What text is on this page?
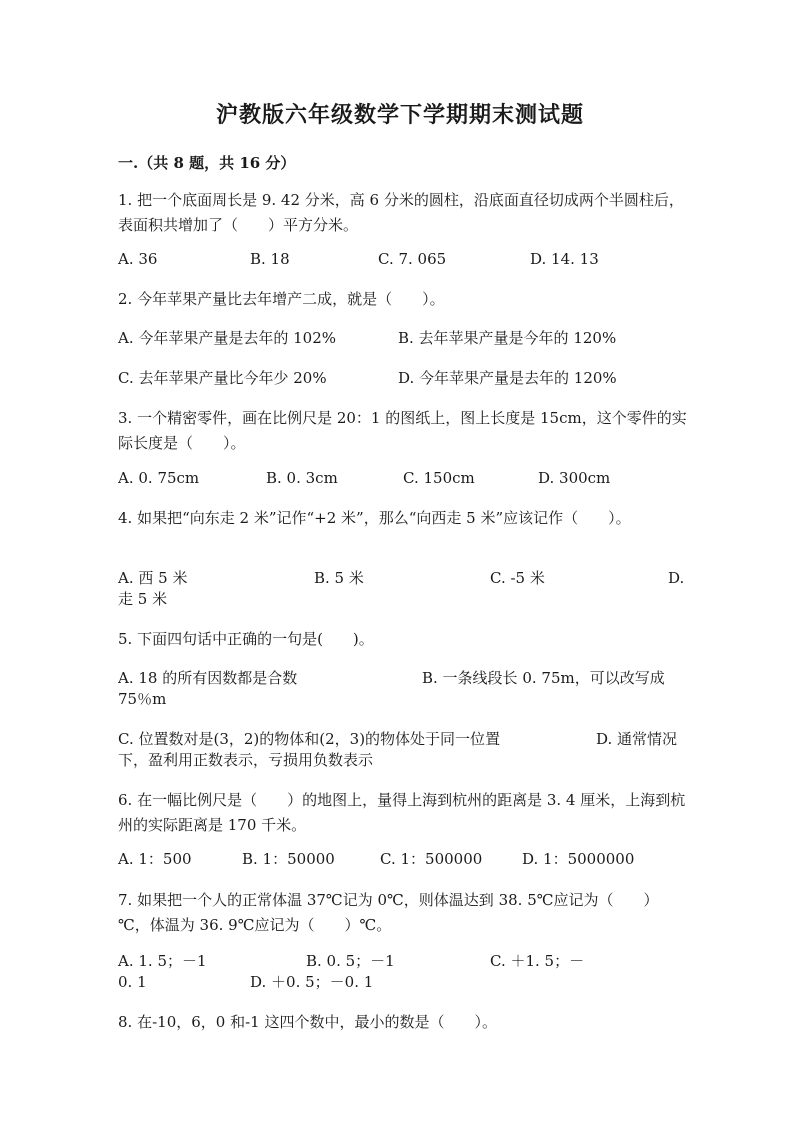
沪教版六年级数学下学期期末测试题
一.（共 8 题，共 16 分）
1. 把一个底面周长是 9. 42 分米，高 6 分米的圆柱，沿底面直径切成两个半圆柱后，表面积共增加了（　　）平方分米。
A. 36	B. 18	C. 7. 065	D. 14. 13
2. 今年苹果产量比去年增产二成，就是（　　）。
A. 今年苹果产量是去年的 102%	B. 去年苹果产量是今年的 120%
C. 去年苹果产量比今年少 20%	D. 今年苹果产量是去年的 120%
3. 一个精密零件，画在比例尺是 20：1 的图纸上，图上长度是 15cm，这个零件的实际长度是（　　）。
A. 0. 75cm	B. 0. 3cm	C. 150cm	D. 300cm
4. 如果把“向东走 2 米”记作“+2 米”，那么“向西走 5 米”应该记作（　　）。
A. 西 5 米	B. 5 米	C. -5 米	D.
走 5 米
5. 下面四句话中正确的一句是(　　)。
A. 18 的所有因数都是合数	B. 一条线段长 0. 75m，可以改写成
75％m
C. 位置数对是(3，2)的物体和(2，3)的物体处于同一位置	D. 通常情况
下，盈利用正数表示，亏损用负数表示
6. 在一幅比例尺是（　　）的地图上，量得上海到杭州的距离是 3. 4 厘米，上海到杭州的实际距离是 170 千米。
A. 1：500	B. 1：50000	C. 1：500000	D. 1：5000000
7. 如果把一个人的正常体温 37℃记为 0℃，则体温达到 38. 5℃应记为（　　）℃，体温为 36. 9℃应记为（　　）℃。
A. 1. 5；－1	B. 0. 5；－1	C. ＋1. 5；－
0. 1	D. ＋0. 5；－0. 1
8. 在-10，6，0 和-1 这四个数中，最小的数是（　　）。
